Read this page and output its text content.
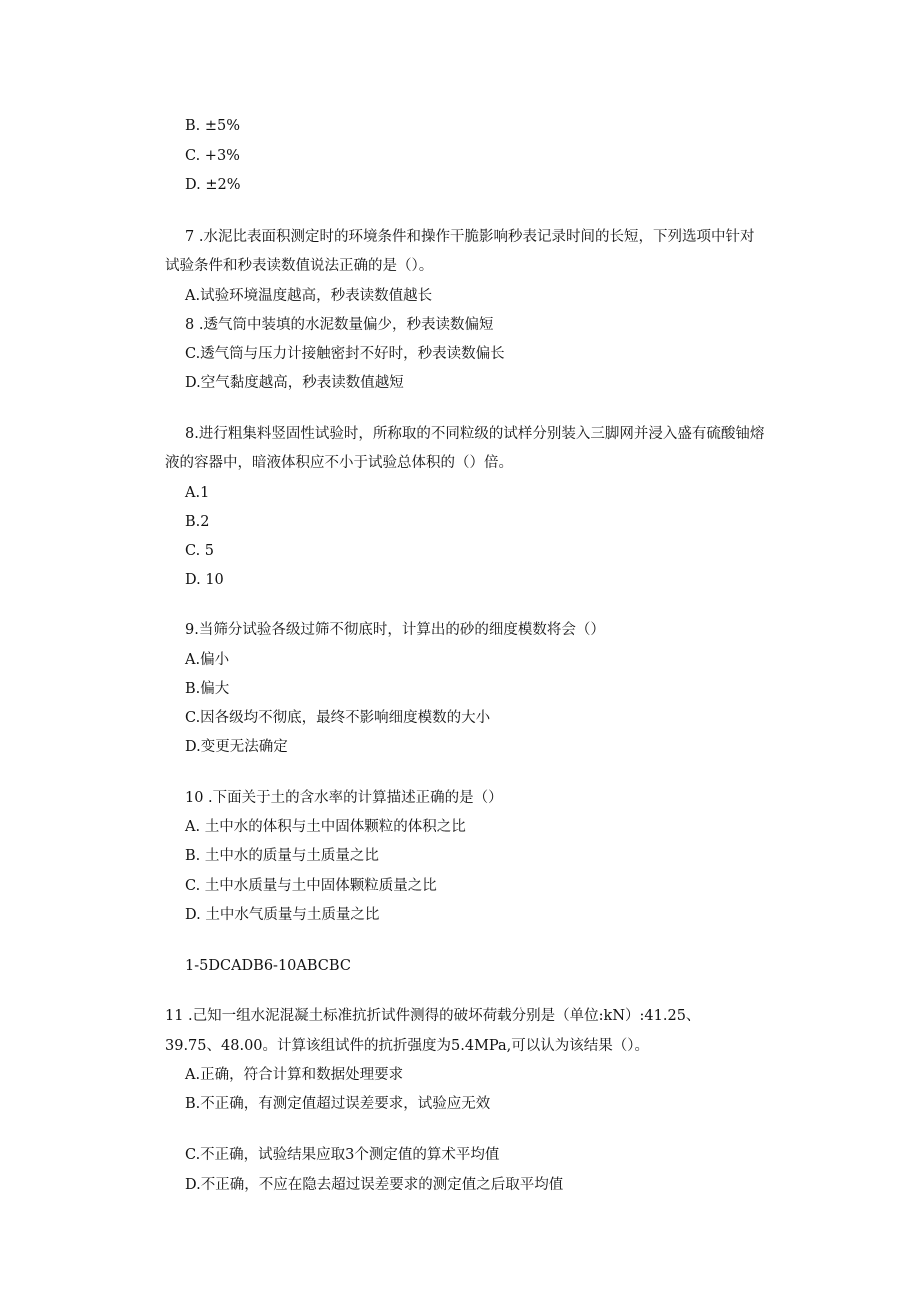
B. ±5%
C. +3%
D. ±2%
7 .水泥比表面积测定时的环境条件和操作干脆影响秒表记录时间的长短，下列选项中针对
试验条件和秒表读数值说法正确的是（）。
A.试验环境温度越高，秒表读数值越长
8 .透气筒中装填的水泥数量偏少，秒表读数偏短
C.透气筒与压力计接触密封不好时，秒表读数偏长
D.空气黏度越高，秒表读数值越短
8.进行粗集料竖固性试验时，所称取的不同粒级的试样分别装入三脚网并浸入盛有硫酸铀熔
液的容器中，暗液体积应不小于试验总体积的（）倍。
A.1
B.2
C. 5
D. 10
9.当筛分试验各级过筛不彻底时，计算出的砂的细度模数将会（）
A.偏小
B.偏大
C.因各级均不彻底，最终不影响细度模数的大小
D.变更无法确定
10 .下面关于土的含水率的计算描述正确的是（）
A. 土中水的体积与土中固体颗粒的体积之比
B. 土中水的质量与土质量之比
C. 土中水质量与土中固体颗粒质量之比
D. 土中水气质量与土质量之比
1-5DCADB6-10ABCBC
11 .己知一组水泥混凝土标准抗折试件测得的破坏荷载分别是（单位:kN）:41.25、
39.75、48.00。计算该组试件的抗折强度为5.4MPa,可以认为该结果（）。
A.正确，符合计算和数据处理要求
B.不正确，有测定值超过误差要求，试验应无效
C.不正确，试验结果应取3个测定值的算术平均值
D.不正确，不应在隐去超过误差要求的测定值之后取平均值
